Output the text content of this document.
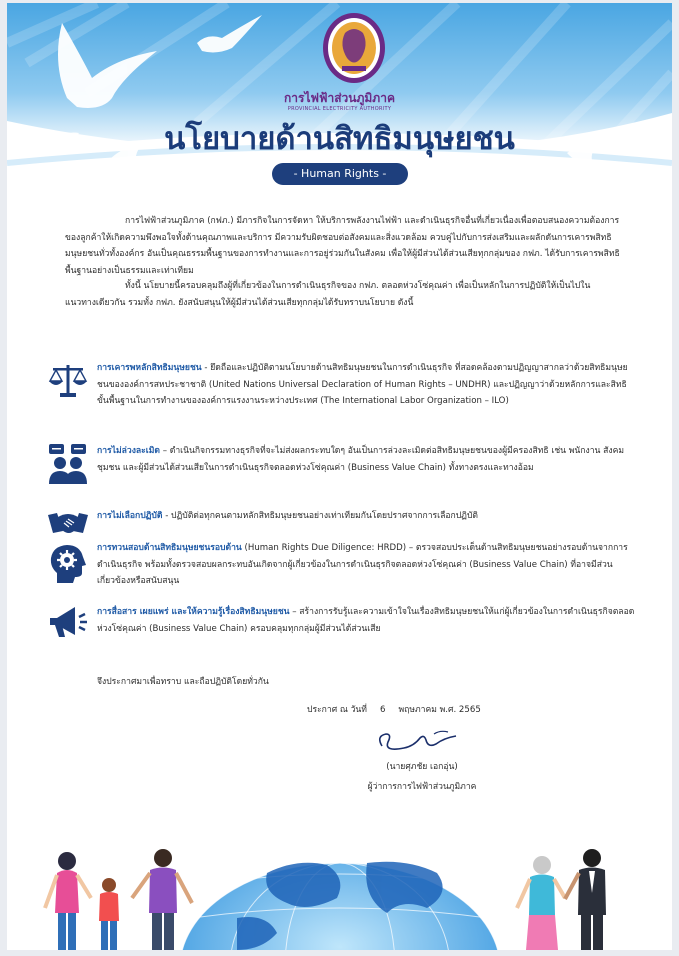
การไฟฟ้าส่วนภูมิภาค
PROVINCIAL ELECTRICITY AUTHORITY
นโยบายด้านสิทธิมนุษยชน
- Human Rights -
การไฟฟ้าส่วนภูมิภาค (กฟภ.) มีภารกิจในการจัดหา ให้บริการพลังงานไฟฟ้า และดำเนินธุรกิจอื่นที่เกี่ยวเนื่องเพื่อตอบสนองความต้องการของลูกค้าให้เกิดความพึงพอใจทั้งด้านคุณภาพและบริการ มีความรับผิดชอบต่อสังคมและสิ่งแวดล้อม ควบคู่ไปกับการส่งเสริมและผลักดันการเคารพสิทธิมนุษยชนทั่วทั้งองค์กร อันเป็นคุณธรรมพื้นฐานของการทำงานและการอยู่ร่วมกันในสังคม เพื่อให้ผู้มีส่วนได้ส่วนเสียทุกกลุ่มของ กฟภ. ได้รับการเคารพสิทธิพื้นฐานอย่างเป็นธรรมและเท่าเทียม
ทั้งนี้ นโยบายนี้ครอบคลุมถึงผู้ที่เกี่ยวข้องในการดำเนินธุรกิจของ กฟภ. ตลอดห่วงโซ่คุณค่า เพื่อเป็นหลักในการปฏิบัติให้เป็นไปในแนวทางเดียวกัน รวมทั้ง กฟภ. ยังสนับสนุนให้ผู้มีส่วนได้ส่วนเสียทุกกลุ่มได้รับทราบนโยบาย ดังนี้
การเคารพหลักสิทธิมนุษยชน - ยึดถือและปฏิบัติตามนโยบายด้านสิทธิมนุษยชนในการดำเนินธุรกิจ ที่สอดคล้องตามปฏิญญาสากลว่าด้วยสิทธิมนุษยชนขององค์การสหประชาชาติ (United Nations Universal Declaration of Human Rights – UNDHR) และปฏิญญาว่าด้วยหลักการและสิทธิขั้นพื้นฐานในการทำงานขององค์การแรงงานระหว่างประเทศ (The International Labor Organization – ILO)
การไม่ล่วงละเมิด – ดำเนินกิจกรรมทางธุรกิจที่จะไม่ส่งผลกระทบใดๆ อันเป็นการล่วงละเมิดต่อสิทธิมนุษยชนของผู้มีครองสิทธิ เช่น พนักงาน สังคม ชุมชน และผู้มีส่วนได้ส่วนเสียในการดำเนินธุรกิจตลอดห่วงโซ่คุณค่า (Business Value Chain) ทั้งทางตรงและทางอ้อม
การไม่เลือกปฏิบัติ - ปฏิบัติต่อทุกคนตามหลักสิทธิมนุษยชนอย่างเท่าเทียมกันโดยปราศจากการเลือกปฏิบัติ
การทวนสอบด้านสิทธิมนุษยชนรอบด้าน (Human Rights Due Diligence: HRDD) – ตรวจสอบประเด็นด้านสิทธิมนุษยชนอย่างรอบด้านจากการดำเนินธุรกิจ พร้อมทั้งตรวจสอบผลกระทบอันเกิดจากผู้เกี่ยวข้องในการดำเนินธุรกิจตลอดห่วงโซ่คุณค่า (Business Value Chain) ที่อาจมีส่วนเกี่ยวข้องหรือสนับสนุน
การสื่อสาร เผยแพร่ และให้ความรู้เรื่องสิทธิมนุษยชน – สร้างการรับรู้และความเข้าใจในเรื่องสิทธิมนุษยชนให้แก่ผู้เกี่ยวข้องในการดำเนินธุรกิจตลอดห่วงโซ่คุณค่า (Business Value Chain) ครอบคลุมทุกกลุ่มผู้มีส่วนได้ส่วนเสีย
จึงประกาศมาเพื่อทราบ และถือปฏิบัติโดยทั่วกัน
ประกาศ ณ วันที่ 6 พฤษภาคม พ.ศ. 2565
(นายศุภชัย เอกอุ่น)
ผู้ว่าการการไฟฟ้าส่วนภูมิภาค
